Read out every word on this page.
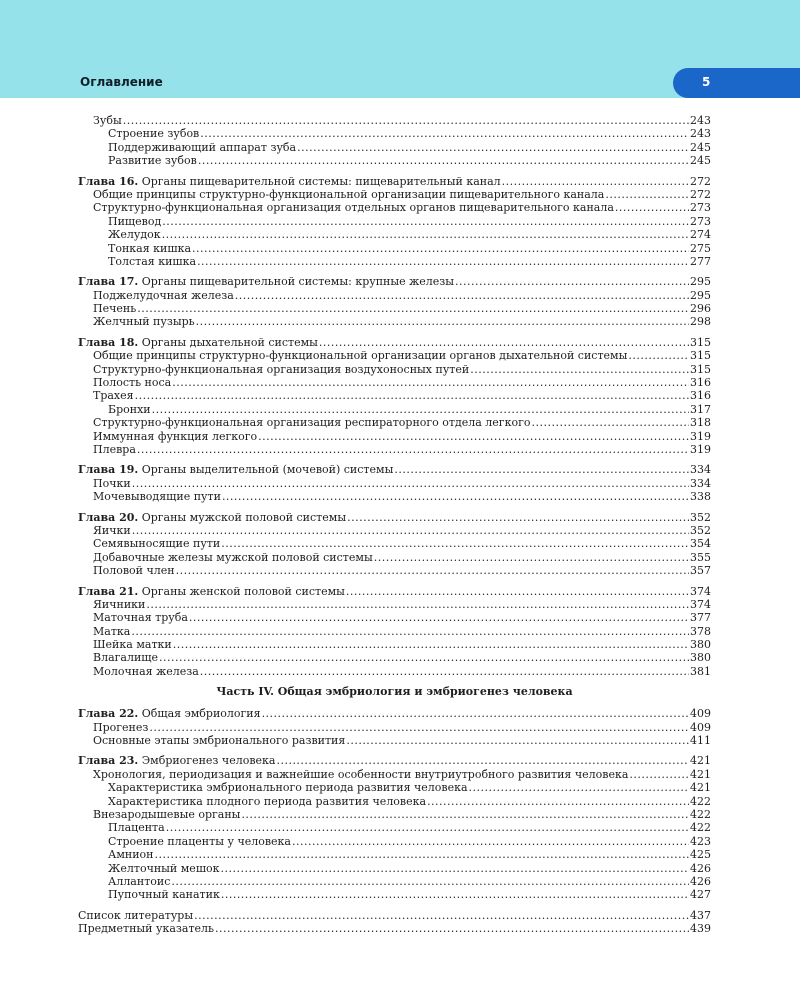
Оглавление	5
Зубы .....	243
Строение зубов .....	243
Поддерживающий аппарат зуба .....	245
Развитие зубов .....	245
Глава 16. Органы пищеварительной системы: пищеварительный канал .....	272
Общие принципы структурно-функциональной организации пищеварительного канала .....	272
Структурно-функциональная организация отдельных органов пищеварительного канала .....	273
Пищевод .....	273
Желудок .....	274
Тонкая кишка .....	275
Толстая кишка .....	277
Глава 17. Органы пищеварительной системы: крупные железы .....	295
Поджелудочная железа .....	295
Печень .....	296
Желчный пузырь .....	298
Глава 18. Органы дыхательной системы .....	315
Общие принципы структурно-функциональной организации органов дыхательной системы .....	315
Структурно-функциональная организация воздухоносных путей .....	315
Полость носа .....	316
Трахея .....	316
Бронхи .....	317
Структурно-функциональная организация респираторного отдела легкого .....	318
Иммунная функция легкого .....	319
Плевра .....	319
Глава 19. Органы выделительной (мочевой) системы .....	334
Почки .....	334
Мочевыводящие пути .....	338
Глава 20. Органы мужской половой системы .....	352
Яички .....	352
Семявыносящие пути .....	354
Добавочные железы мужской половой системы .....	355
Половой член .....	357
Глава 21. Органы женской половой системы .....	374
Яичники .....	374
Маточная труба .....	377
Матка .....	378
Шейка матки .....	380
Влагалище .....	380
Молочная железа .....	381
Часть IV. Общая эмбриология и эмбриогенез человека
Глава 22. Общая эмбриология .....	409
Прогенез .....	409
Основные этапы эмбрионального развития .....	411
Глава 23. Эмбриогенез человека .....	421
Хронология, периодизация и важнейшие особенности внутриутробного развития человека .....	421
Характеристика эмбрионального периода развития человека .....	421
Характеристика плодного периода развития человека .....	422
Внезародышевые органы .....	422
Плацента .....	422
Строение плаценты у человека .....	423
Амнион .....	425
Желточный мешок .....	426
Аллантоис .....	426
Пупочный канатик .....	427
Список литературы .....	437
Предметный указатель .....	439
